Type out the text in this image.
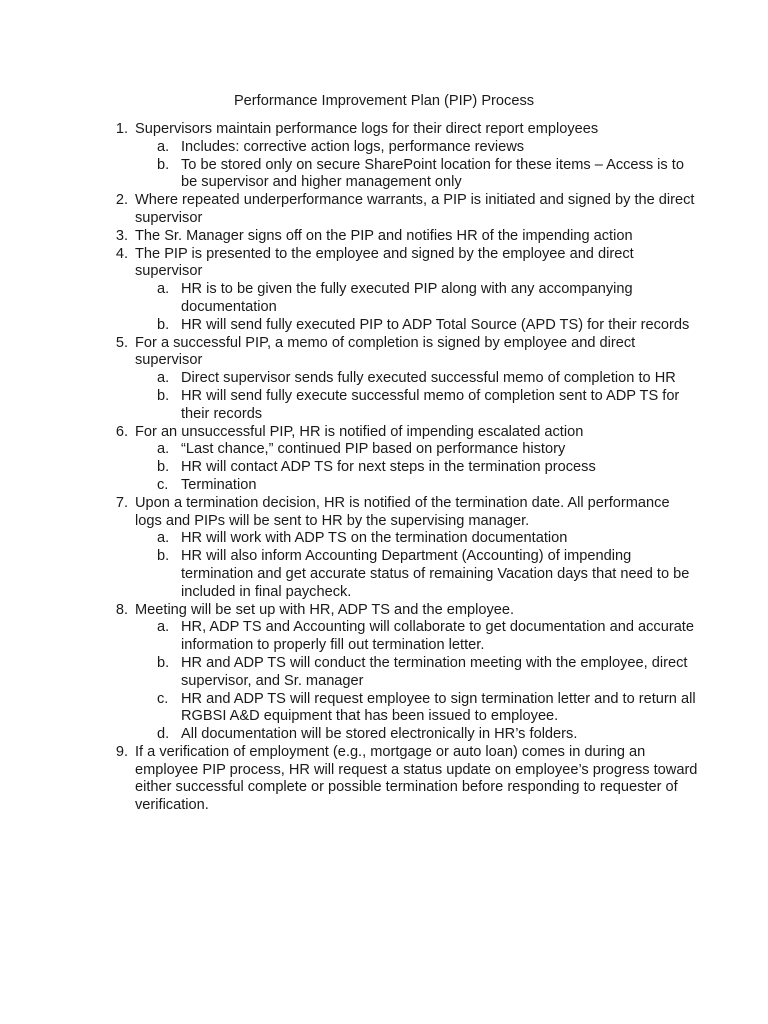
Performance Improvement Plan (PIP) Process
1. Supervisors maintain performance logs for their direct report employees
a. Includes: corrective action logs, performance reviews
b. To be stored only on secure SharePoint location for these items – Access is to be supervisor and higher management only
2. Where repeated underperformance warrants, a PIP is initiated and signed by the direct supervisor
3. The Sr. Manager signs off on the PIP and notifies HR of the impending action
4. The PIP is presented to the employee and signed by the employee and direct supervisor
a. HR is to be given the fully executed PIP along with any accompanying documentation
b. HR will send fully executed PIP to ADP Total Source (APD TS) for their records
5. For a successful PIP, a memo of completion is signed by employee and direct supervisor
a. Direct supervisor sends fully executed successful memo of completion to HR
b. HR will send fully execute successful memo of completion sent to ADP TS for their records
6. For an unsuccessful PIP, HR is notified of impending escalated action
a. “Last chance,” continued PIP based on performance history
b. HR will contact ADP TS for next steps in the termination process
c. Termination
7. Upon a termination decision, HR is notified of the termination date. All performance logs and PIPs will be sent to HR by the supervising manager.
a. HR will work with ADP TS on the termination documentation
b. HR will also inform Accounting Department (Accounting) of impending termination and get accurate status of remaining Vacation days that need to be included in final paycheck.
8. Meeting will be set up with HR, ADP TS and the employee.
a. HR, ADP TS and Accounting will collaborate to get documentation and accurate information to properly fill out termination letter.
b. HR and ADP TS will conduct the termination meeting with the employee, direct supervisor, and Sr. manager
c. HR and ADP TS will request employee to sign termination letter and to return all RGBSI A&D equipment that has been issued to employee.
d. All documentation will be stored electronically in HR’s folders.
9. If a verification of employment (e.g., mortgage or auto loan) comes in during an employee PIP process, HR will request a status update on employee’s progress toward either successful complete or possible termination before responding to requester of verification.
